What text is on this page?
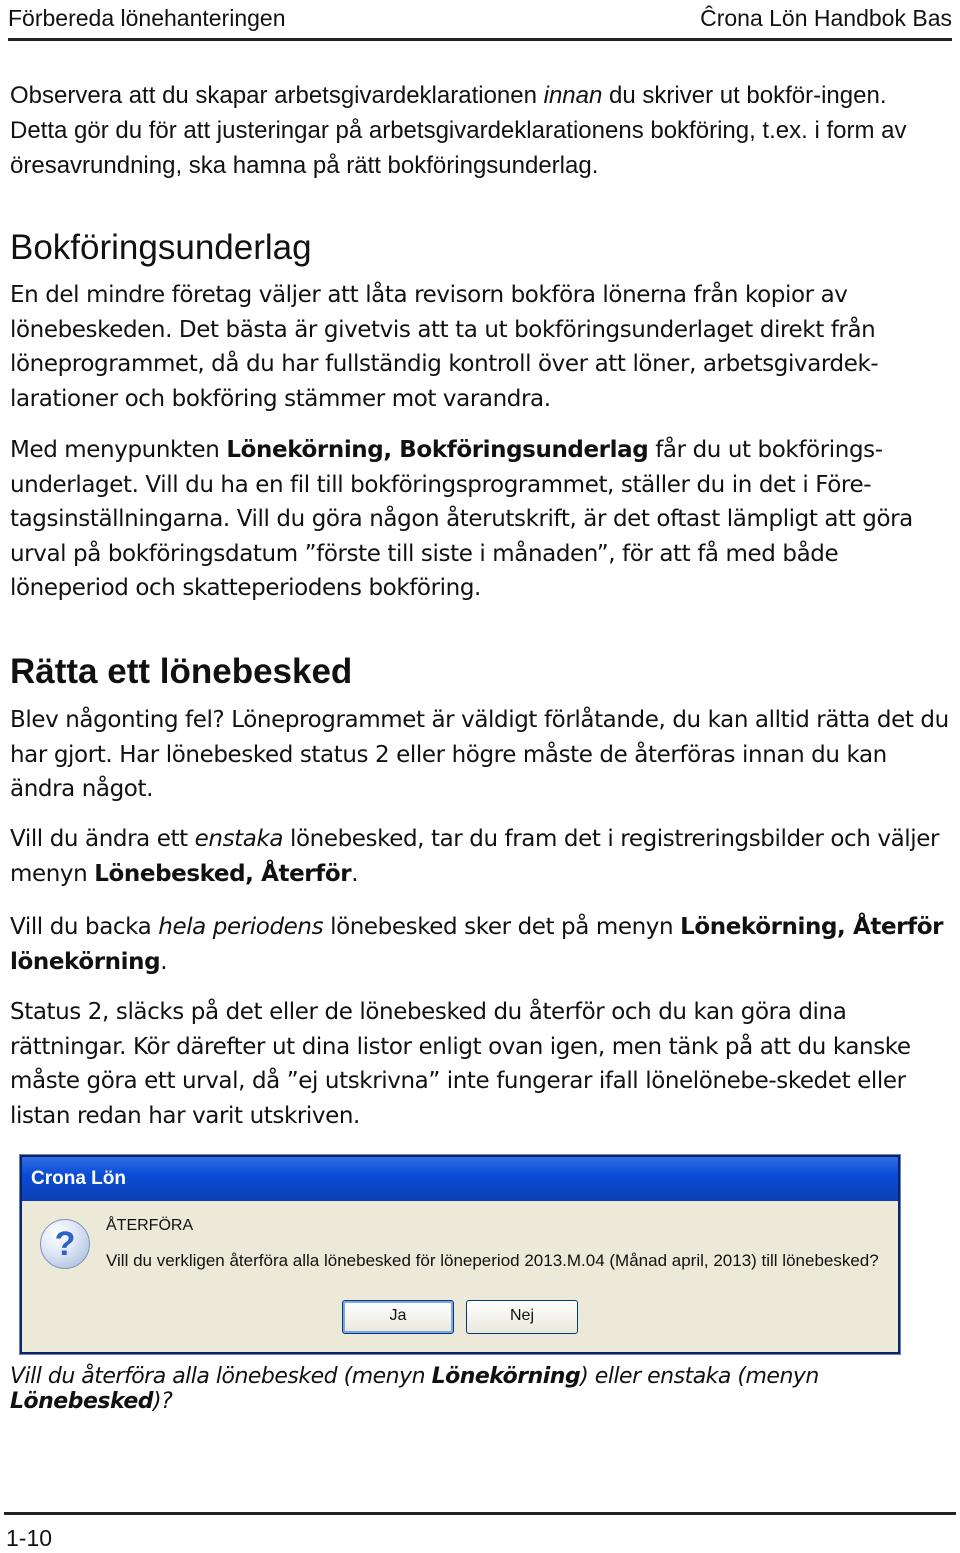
Förbereda lönehanteringen	Ĉrona Lön Handbok Bas

Observera att du skapar arbetsgivardeklarationen innan du skriver ut bokför-ingen. Detta gör du för att justeringar på arbetsgivardeklarationens bokföring, t.ex. i form av öresavrundning, ska hamna på rätt bokföringsunderlag.

Bokföringsunderlag

En del mindre företag väljer att låta revisorn bokföra lönerna från kopior av lönebeskeden. Det bästa är givetvis att ta ut bokföringsunderlaget direkt från löneprogrammet, då du har fullständig kontroll över att löner, arbetsgivardek-larationer och bokföring stämmer mot varandra.

Med menypunkten Lönekörning, Bokföringsunderlag får du ut bokförings-underlaget. Vill du ha en fil till bokföringsprogrammet, ställer du in det i Före-tagsinställningarna. Vill du göra någon återutskrift, är det oftast lämpligt att göra urval på bokföringsdatum ”förste till siste i månaden”, för att få med både löneperiod och skatteperiodens bokföring.

Rätta ett lönebesked

Blev någonting fel? Löneprogrammet är väldigt förlåtande, du kan alltid rätta det du har gjort. Har lönebesked status 2 eller högre måste de återföras innan du kan ändra något.

Vill du ändra ett enstaka lönebesked, tar du fram det i registreringsbilder och väljer menyn Lönebesked, Återför.

Vill du backa hela periodens lönebesked sker det på menyn Lönekörning, Återför lönekörning.

Status 2, släcks på det eller de lönebesked du återför och du kan göra dina rättningar. Kör därefter ut dina listor enligt ovan igen, men tänk på att du kanske måste göra ett urval, då ”ej utskrivna” inte fungerar ifall lönelönebe-skedet eller listan redan har varit utskriven.

Crona Lön
?	ÅTERFÖRA
Vill du verkligen återföra alla lönebesked för löneperiod 2013.M.04 (Månad april, 2013) till lönebesked?
Ja	Nej

Vill du återföra alla lönebesked (menyn Lönekörning) eller enstaka (menyn Lönebesked)?

1-10
